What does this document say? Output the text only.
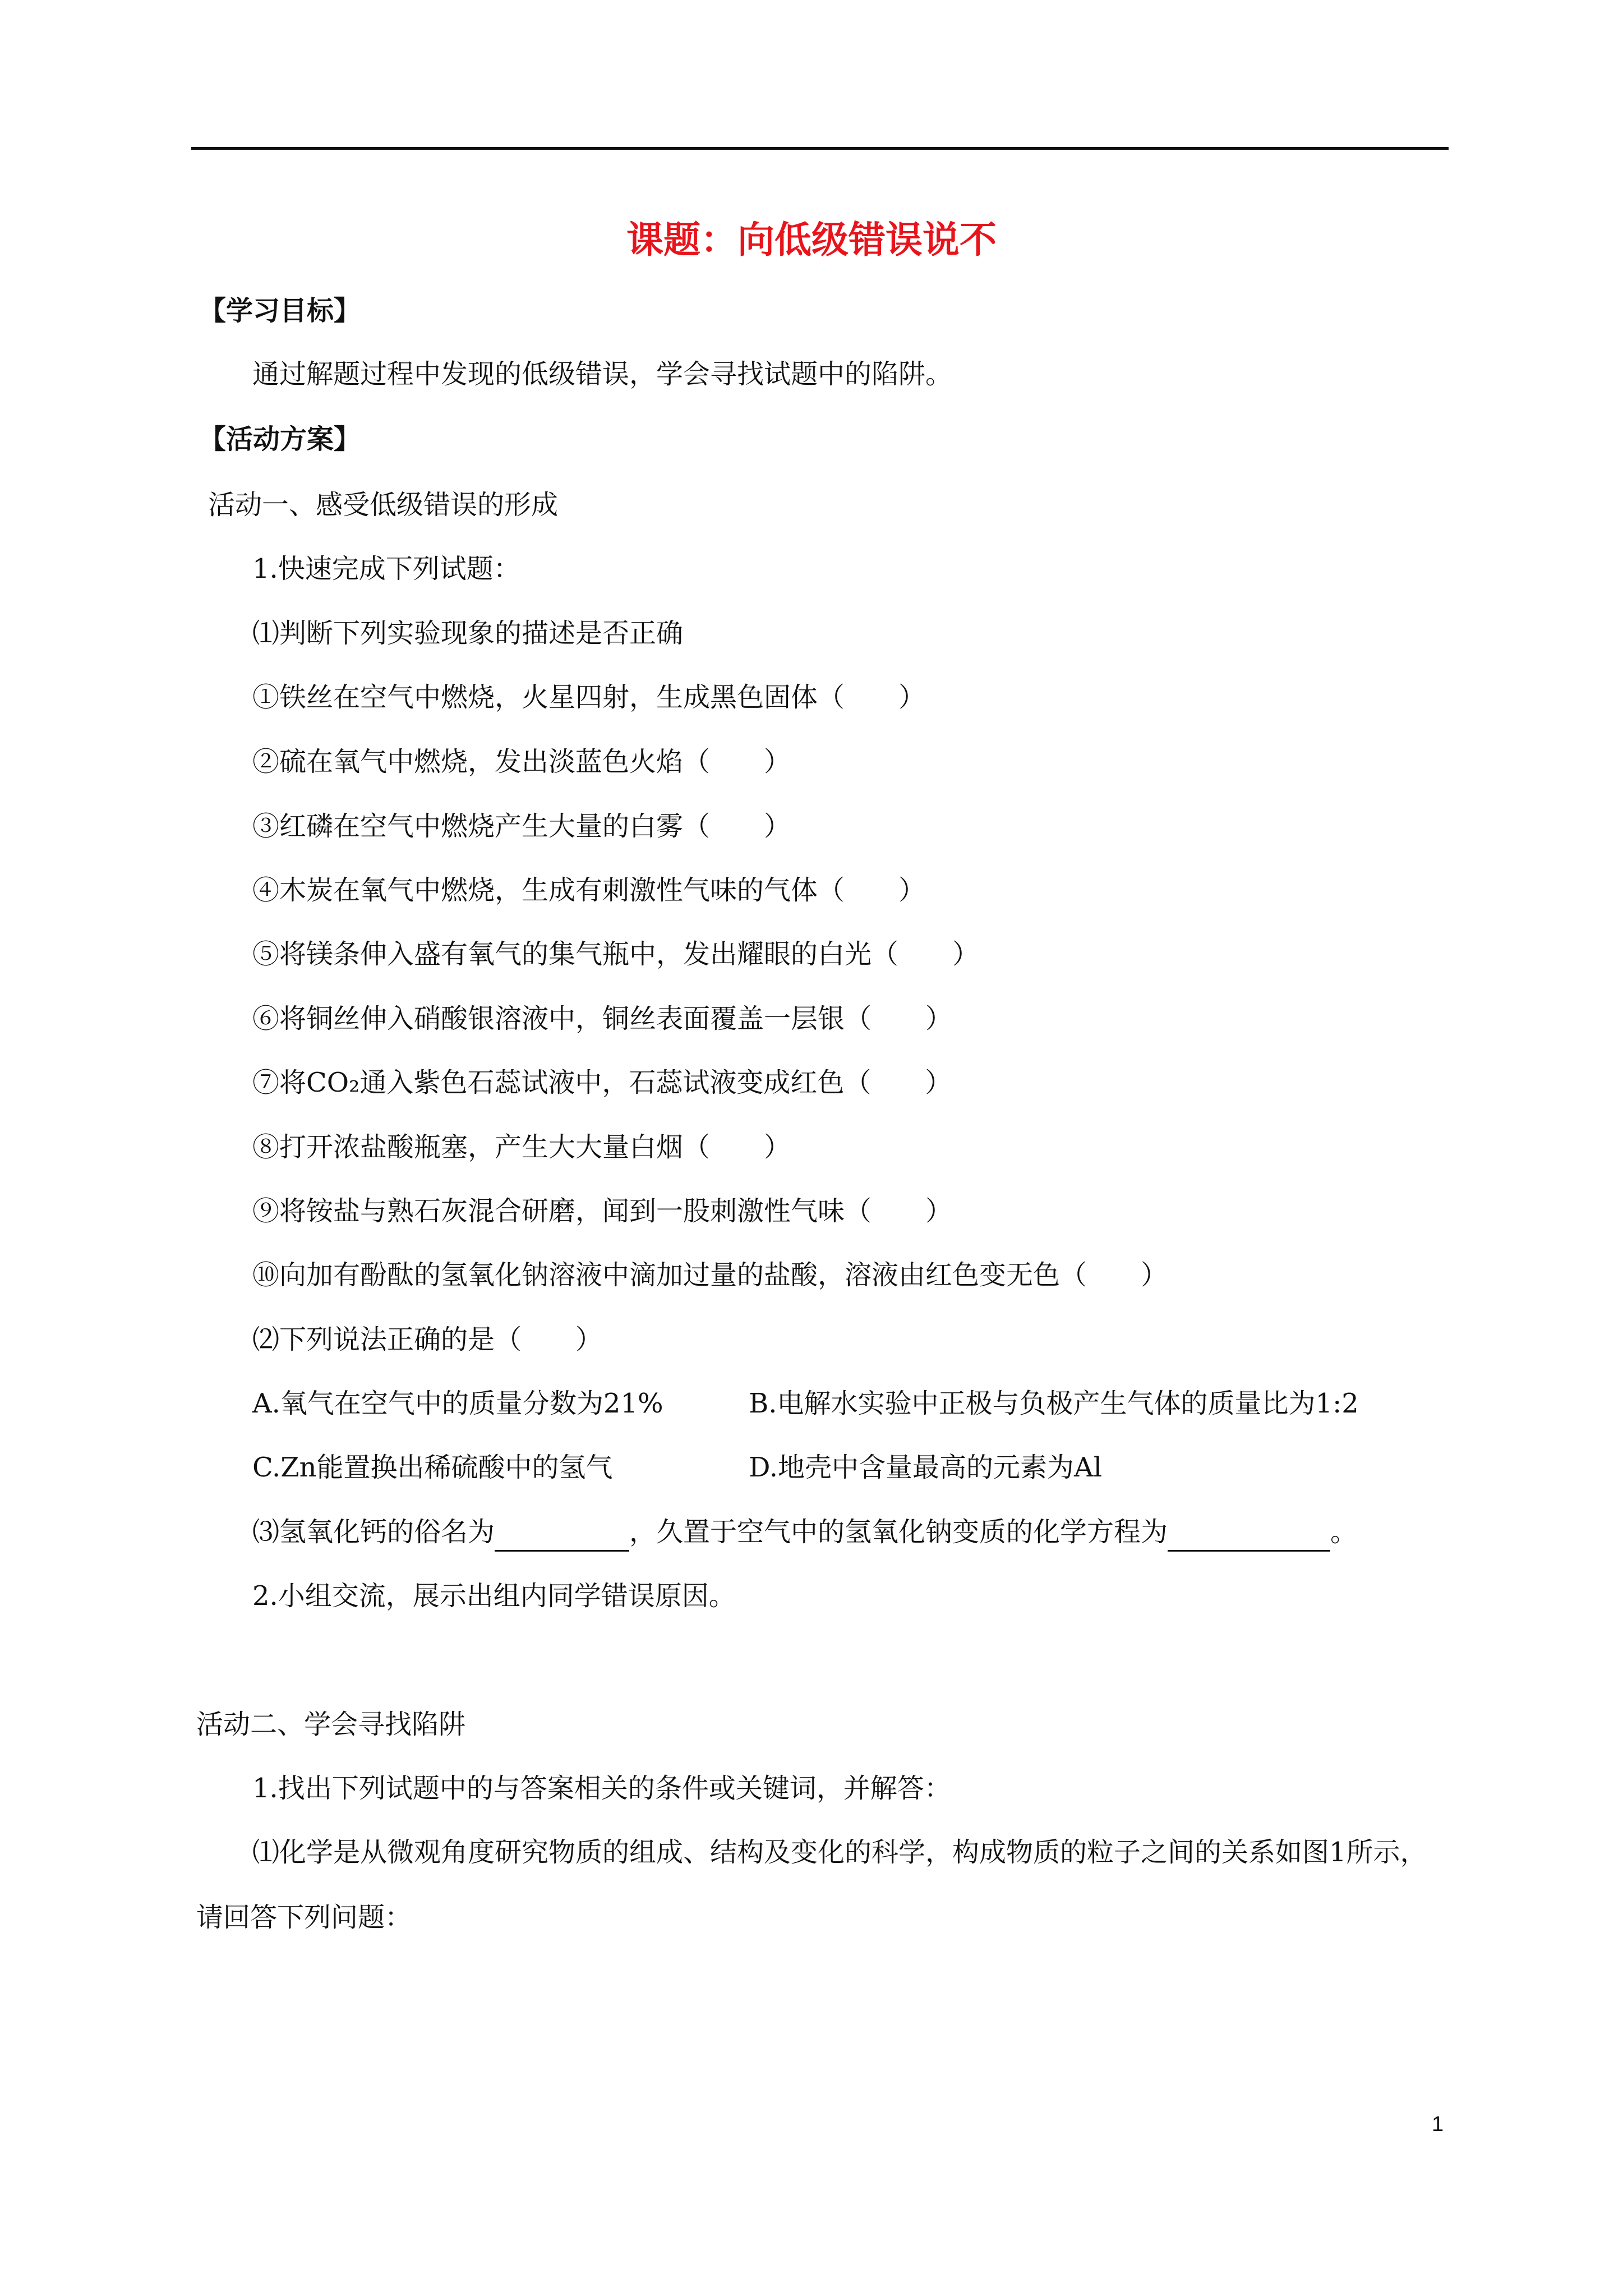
课题：向低级错误说不
【学习目标】
通过解题过程中发现的低级错误，学会寻找试题中的陷阱。
【活动方案】
活动一、感受低级错误的形成
1.快速完成下列试题：
⑴判断下列实验现象的描述是否正确
①铁丝在空气中燃烧，火星四射，生成黑色固体（　　）
②硫在氧气中燃烧，发出淡蓝色火焰（　　）
③红磷在空气中燃烧产生大量的白雾（　　）
④木炭在氧气中燃烧，生成有刺激性气味的气体（　　）
⑤将镁条伸入盛有氧气的集气瓶中，发出耀眼的白光（　　）
⑥将铜丝伸入硝酸银溶液中，铜丝表面覆盖一层银（　　）
⑦将CO₂通入紫色石蕊试液中，石蕊试液变成红色（　　）
⑧打开浓盐酸瓶塞，产生大大量白烟（　　）
⑨将铵盐与熟石灰混合研磨，闻到一股刺激性气味（　　）
⑩向加有酚酞的氢氧化钠溶液中滴加过量的盐酸，溶液由红色变无色（　　）
⑵下列说法正确的是（　　）
A.氧气在空气中的质量分数为21%	B.电解水实验中正极与负极产生气体的质量比为1:2
C.Zn能置换出稀硫酸中的氢气	D.地壳中含量最高的元素为Al
⑶氢氧化钙的俗名为	，久置于空气中的氢氧化钠变质的化学方程为	。
2.小组交流，展示出组内同学错误原因。
活动二、学会寻找陷阱
1.找出下列试题中的与答案相关的条件或关键词，并解答：
⑴化学是从微观角度研究物质的组成、结构及变化的科学，构成物质的粒子之间的关系如图1所示，请回答下列问题：
1
